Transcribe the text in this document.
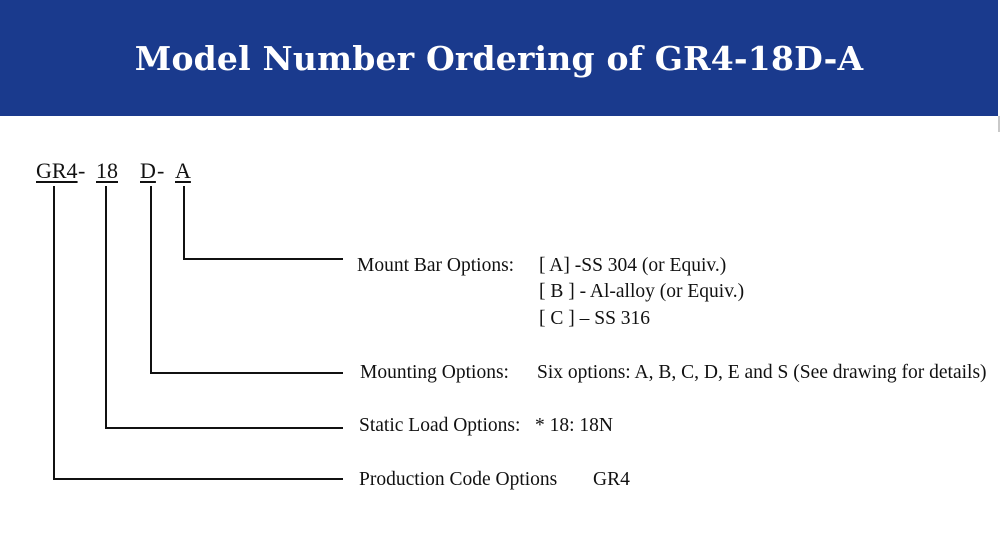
Model Number Ordering of GR4-18D-A

GR4 - 18 D - A

Mount Bar Options: [ A] -SS 304 (or Equiv.)

[ B ] - Al-alloy (or Equiv.)

[ C ] – SS 316

Mounting Options: Six options: A, B, C, D, E and S (See drawing for details)

Static Load Options: * 18: 18N

Production Code Options GR4
